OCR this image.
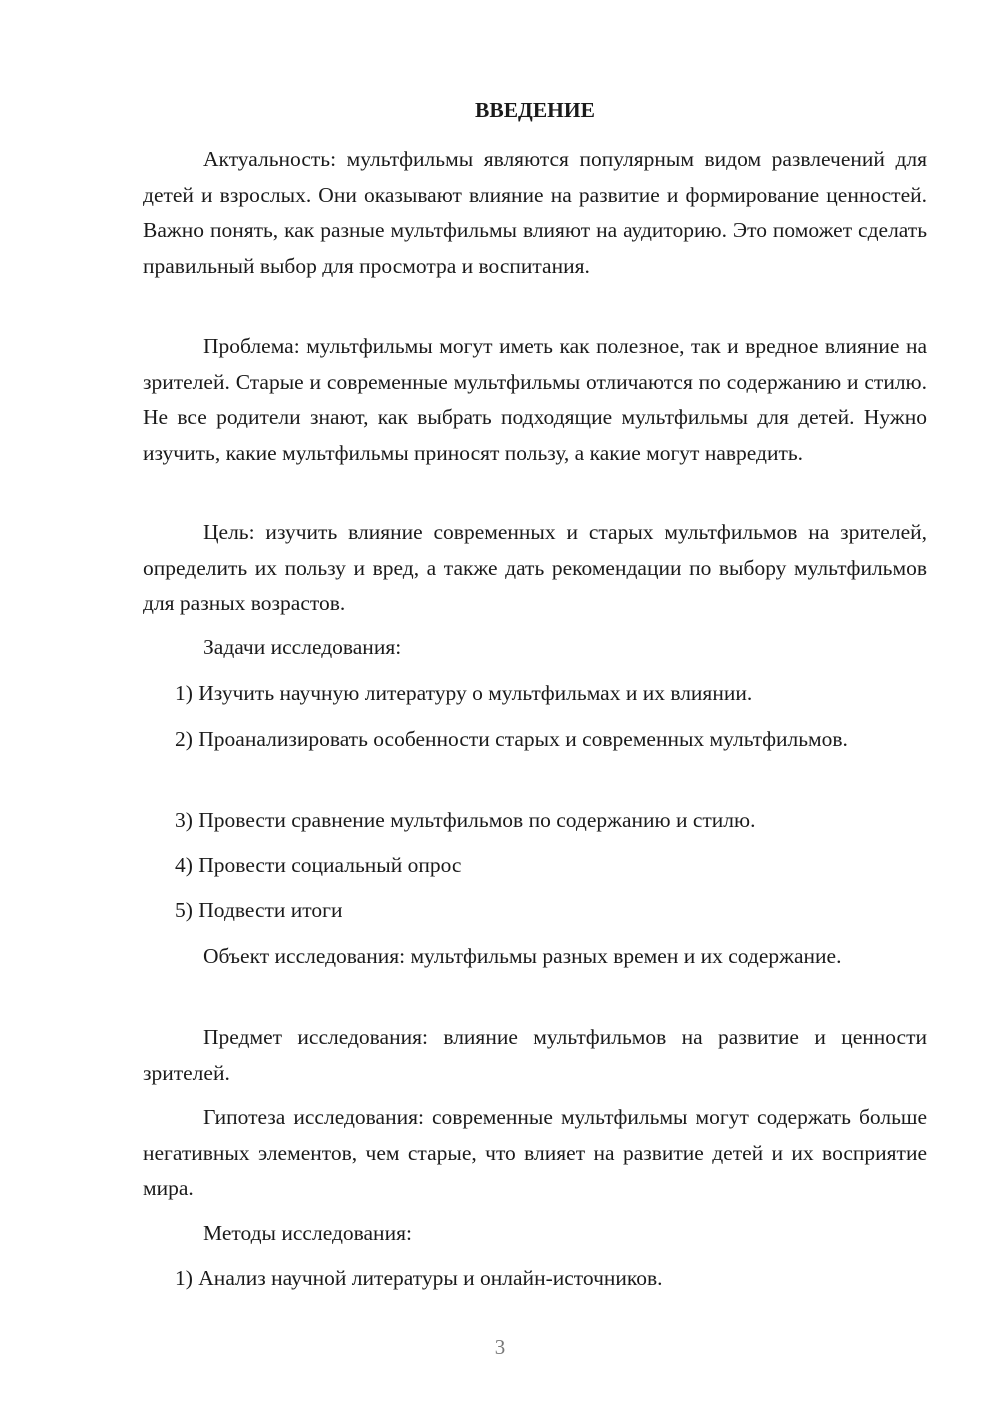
ВВЕДЕНИЕ

Актуальность: мультфильмы являются популярным видом развлечений для детей и взрослых. Они оказывают влияние на развитие и формирование ценностей. Важно понять, как разные мультфильмы влияют на аудиторию. Это поможет сделать правильный выбор для просмотра и воспитания.

Проблема: мультфильмы могут иметь как полезное, так и вредное влияние на зрителей. Старые и современные мультфильмы отличаются по содержанию и стилю. Не все родители знают, как выбрать подходящие мультфильмы для детей. Нужно изучить, какие мультфильмы приносят пользу, а какие могут навредить.

Цель: изучить влияние современных и старых мультфильмов на зрителей, определить их пользу и вред, а также дать рекомендации по выбору мультфильмов для разных возрастов.

Задачи исследования:

1) Изучить научную литературу о мультфильмах и их влиянии.

2) Проанализировать особенности старых и современных мультфильмов.

3) Провести сравнение мультфильмов по содержанию и стилю.

4) Провести социальный опрос

5) Подвести итоги

Объект исследования: мультфильмы разных времен и их содержание.

Предмет исследования: влияние мультфильмов на развитие и ценности зрителей.

Гипотеза исследования: современные мультфильмы могут содержать больше негативных элементов, чем старые, что влияет на развитие детей и их восприятие мира.

Методы исследования:

1) Анализ научной литературы и онлайн-источников.

3
